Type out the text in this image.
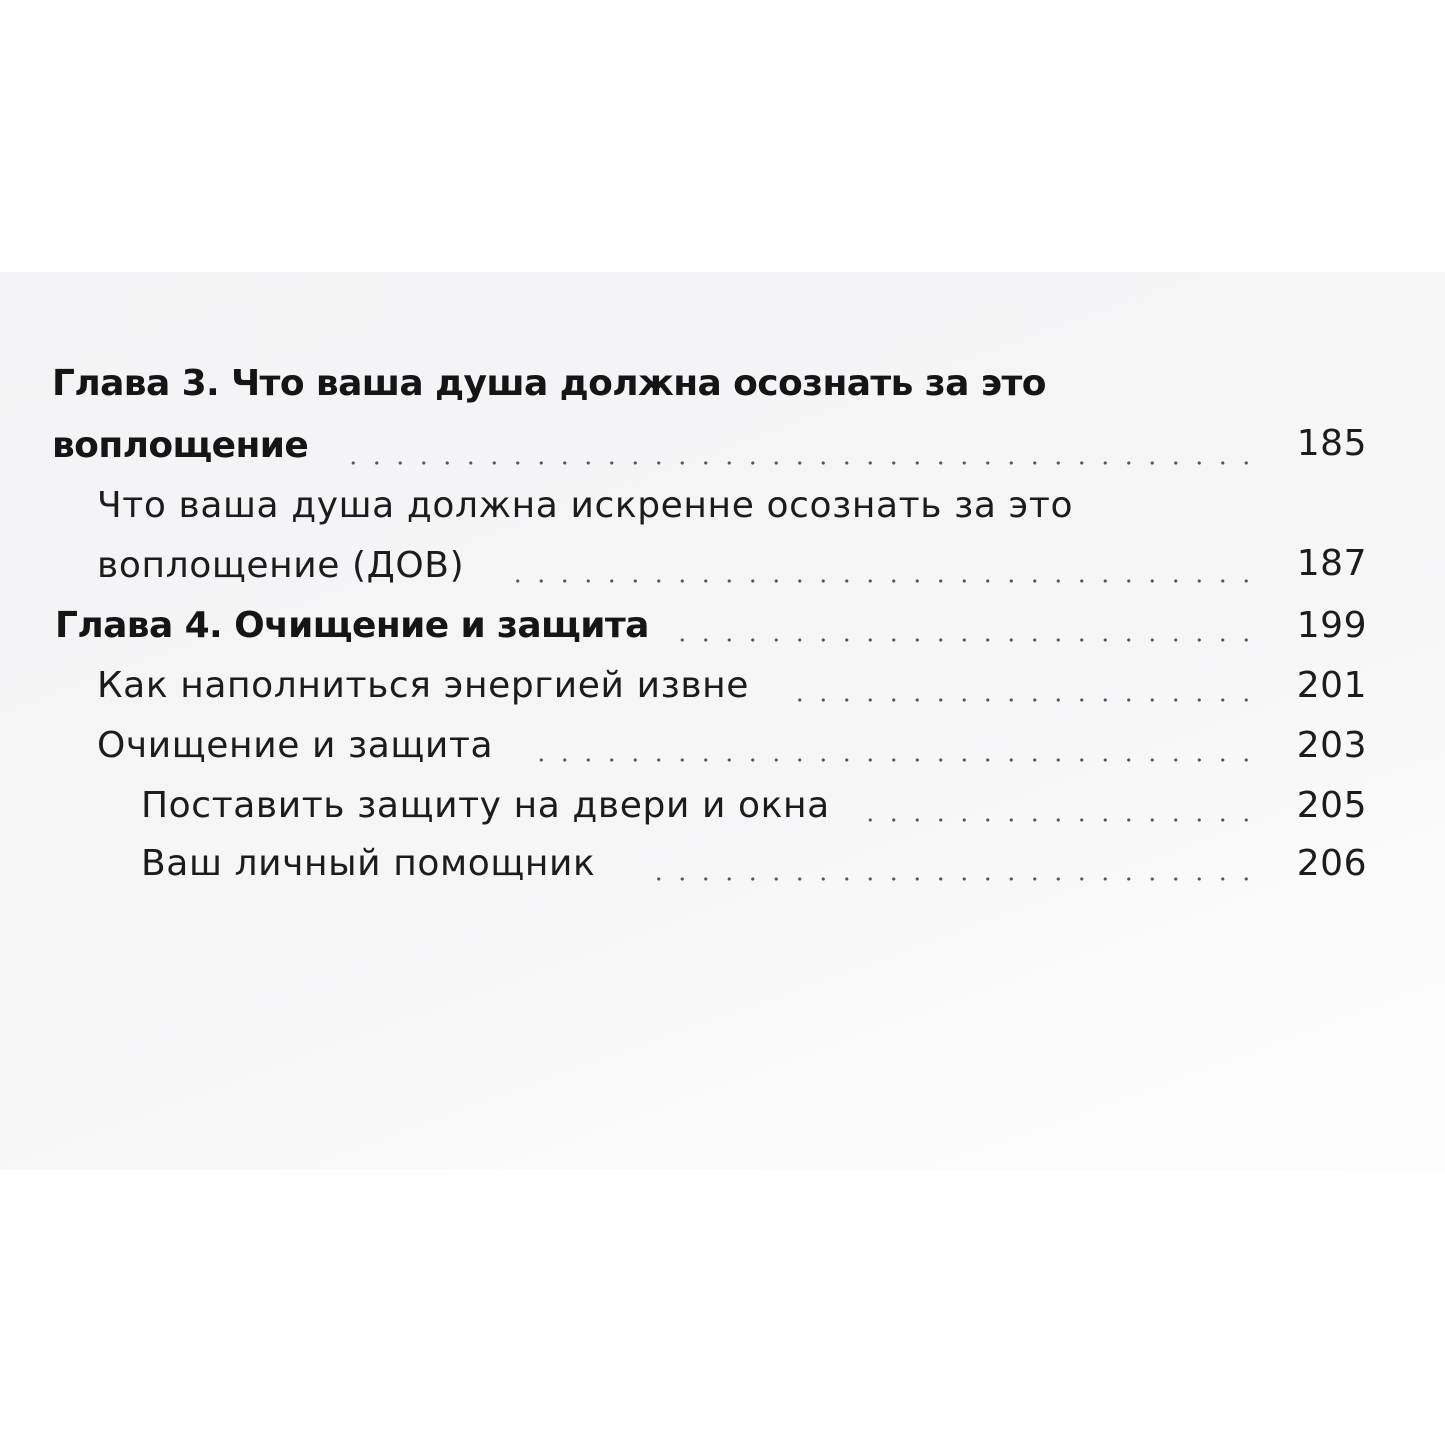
Глава 3. Что ваша душа должна осознать за это
воплощение	185
Что ваша душа должна искренне осознать за это
воплощение (ДОВ)	187
Глава 4. Очищение и защита	199
Как наполниться энергией извне	201
Очищение и защита	203
Поставить защиту на двери и окна	205
Ваш личный помощник	206
